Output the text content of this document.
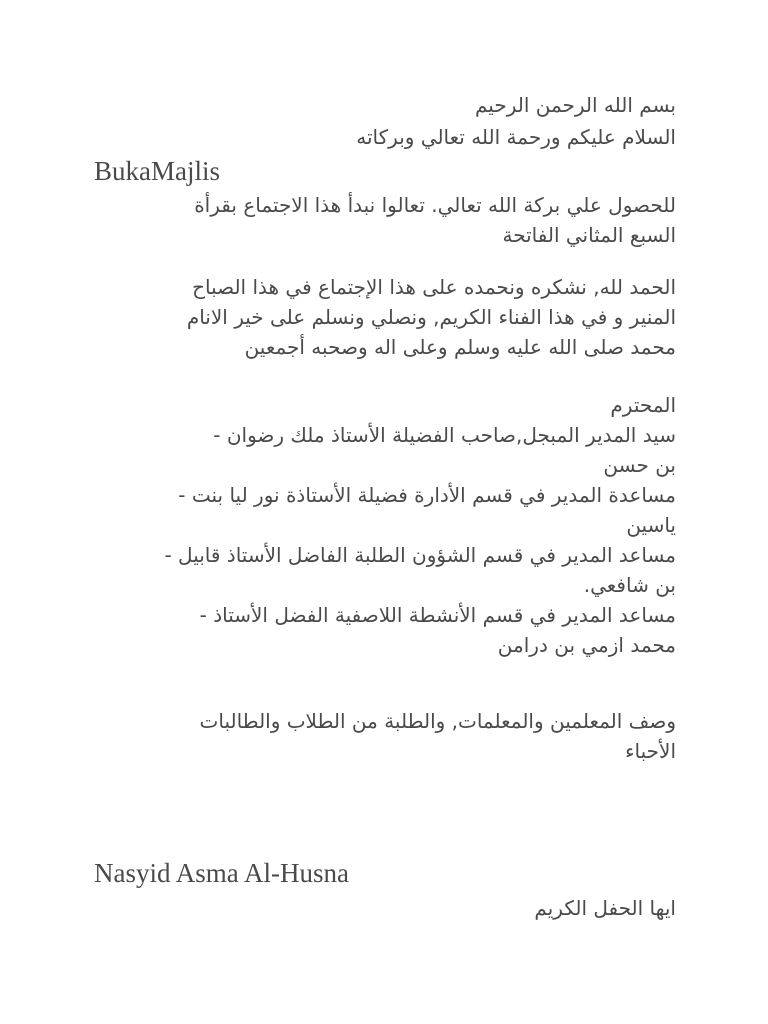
بسم الله الرحمن الرحيم

السلام عليكم ورحمة الله تعالي وبركاته

BukaMajlis

للحصول علي بركة الله تعالي. تعالوا نبدأ هذا الاجتماع بقرأة
السبع المثاني الفاتحة
الحمد لله, نشكره ونحمده على هذا الإجتماع في هذا الصباح
المنير و في هذا الفناء الكريم, ونصلي ونسلم على خير الانام
محمد صلى الله عليه وسلم وعلى اله وصحبه أجمعين
المحترم
سيد المدير المبجل,صاحب الفضيلة الأستاذ ملك رضوان -
بن حسن
مساعدة المدير في قسم الأدارة فضيلة الأستاذة نور ليا بنت -
ياسين
مساعد المدير في قسم الشؤون الطلبة الفاضل الأستاذ قابيل -
بن شافعي.
مساعد المدير في قسم الأنشطة اللاصفية الفضل الأستاذ -
محمد ازمي بن درامن
وصف المعلمين والمعلمات, والطلبة من الطلاب والطالبات
الأحباء

Nasyid Asma Al-Husna

ايها الحفل الكريم
